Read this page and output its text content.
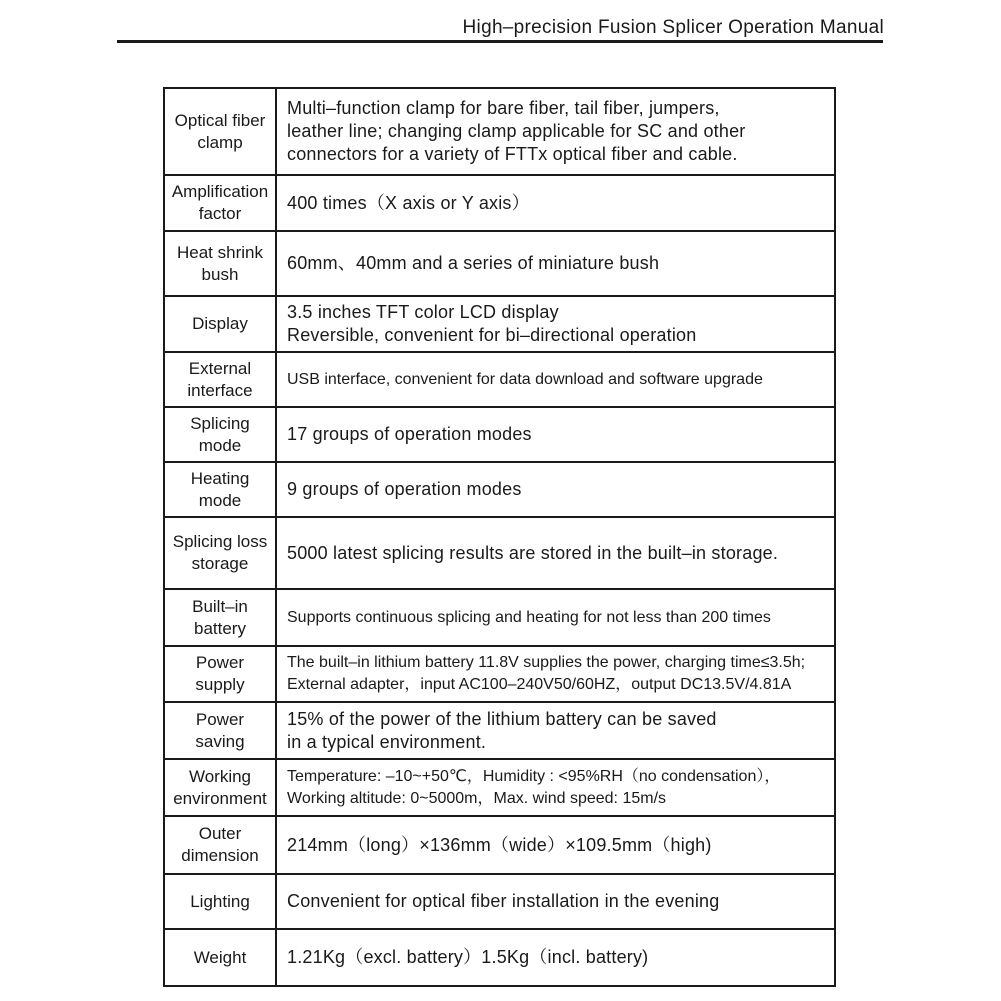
High–precision Fusion Splicer Operation Manual
Optical fiber
clamp	Multi–function clamp for bare fiber, tail fiber, jumpers,
leather line; changing clamp applicable for SC and other
connectors for a variety of FTTx optical fiber and cable.

Amplification
factor	400 times（X axis or Y axis）

Heat shrink
bush	60mm、40mm and a series of miniature bush

Display	3.5 inches TFT color LCD display
Reversible, convenient for bi–directional operation

External
interface	USB interface, convenient for data download and software upgrade

Splicing
mode	17 groups of operation modes

Heating
mode	9 groups of operation modes

Splicing loss
storage	5000 latest splicing results are stored in the built–in storage.

Built–in
battery	Supports continuous splicing and heating for not less than 200 times

Power
supply	The built–in lithium battery 11.8V supplies the power, charging time≤3.5h;
External adapter，input AC100–240V50/60HZ，output DC13.5V/4.81A

Power
saving	15% of the power of the lithium battery can be saved
in a typical environment.

Working
environment	Temperature: –10~+50℃，Humidity : <95%RH（no condensation），
Working altitude: 0~5000m，Max. wind speed: 15m/s

Outer
dimension	214mm（long）×136mm（wide）×109.5mm（high)

Lighting	Convenient for optical fiber installation in the evening

Weight	1.21Kg（excl. battery）1.5Kg（incl. battery)
